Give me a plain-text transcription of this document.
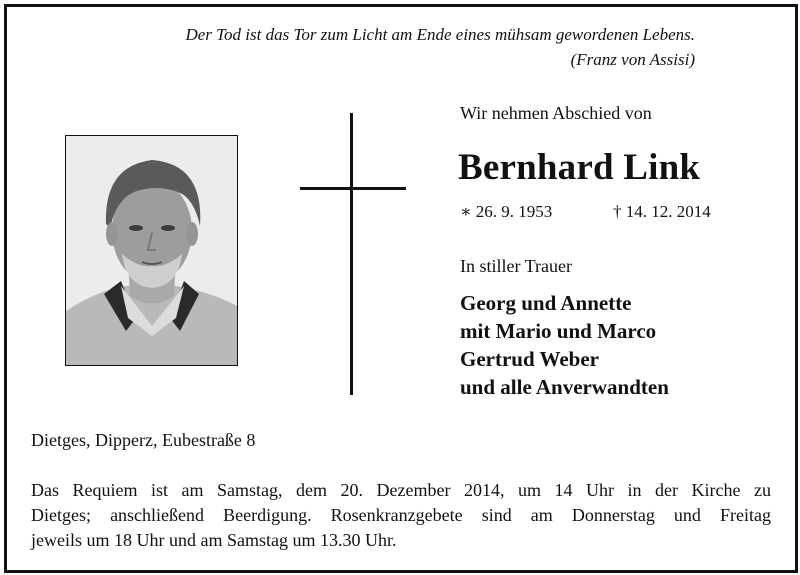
Der Tod ist das Tor zum Licht am Ende eines mühsam gewordenen Lebens.
(Franz von Assisi)
Wir nehmen Abschied von
Bernhard Link
∗ 26. 9. 1953	† 14. 12. 2014
In stiller Trauer
Georg und Annette
mit Mario und Marco
Gertrud Weber
und alle Anverwandten
Dietges, Dipperz, Eubestraße 8
Das Requiem ist am Samstag, dem 20. Dezember 2014, um 14 Uhr in der Kirche zu
Dietges; anschließend Beerdigung. Rosenkranzgebete sind am Donnerstag und Freitag
jeweils um 18 Uhr und am Samstag um 13.30 Uhr.
